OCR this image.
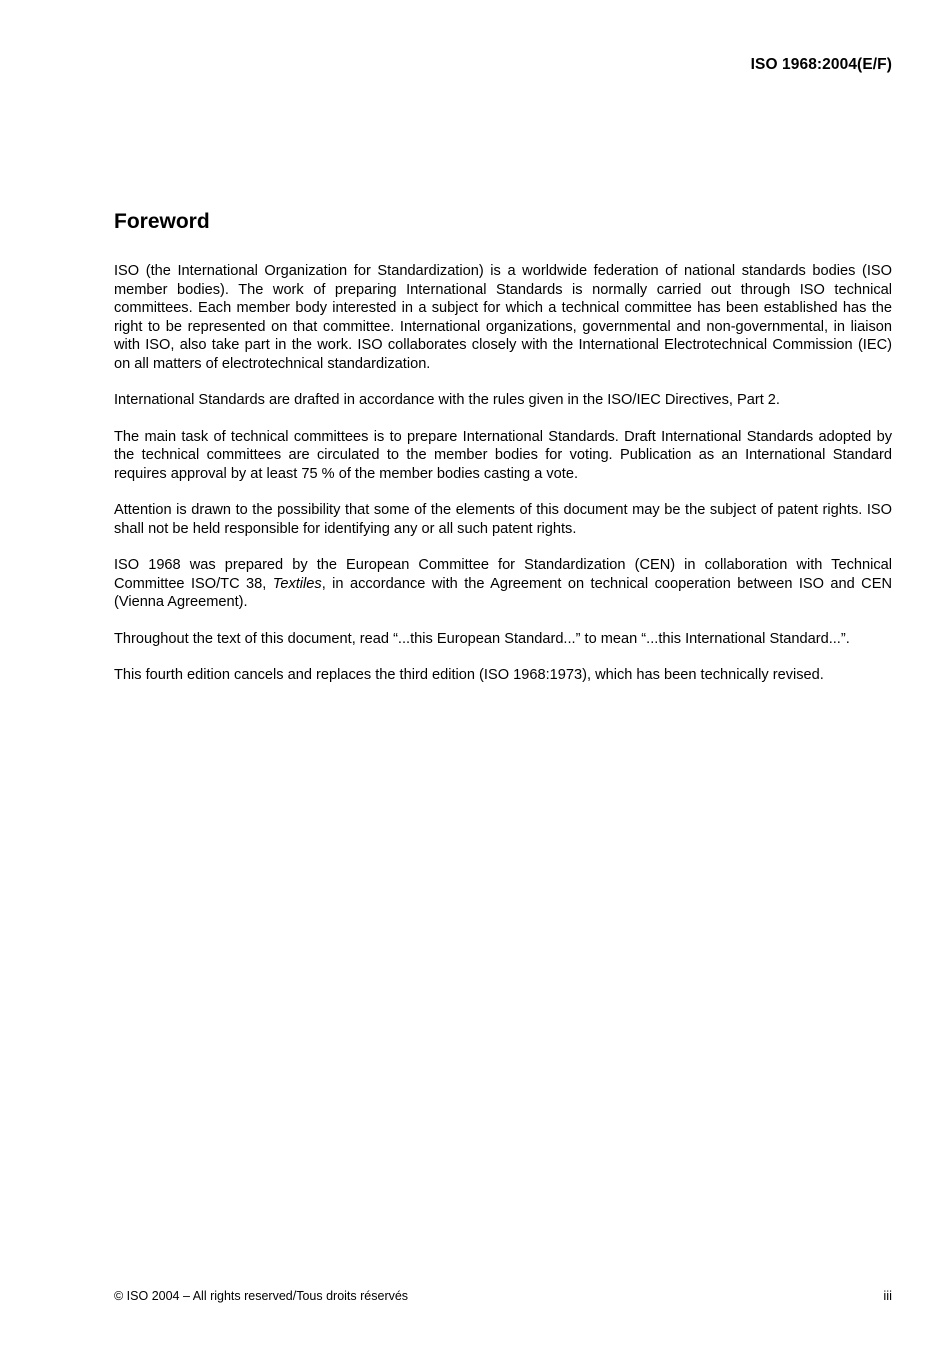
ISO 1968:2004(E/F)
Foreword

ISO (the International Organization for Standardization) is a worldwide federation of national standards bodies (ISO member bodies). The work of preparing International Standards is normally carried out through ISO technical committees. Each member body interested in a subject for which a technical committee has been established has the right to be represented on that committee. International organizations, governmental and non-governmental, in liaison with ISO, also take part in the work. ISO collaborates closely with the International Electrotechnical Commission (IEC) on all matters of electrotechnical standardization.

International Standards are drafted in accordance with the rules given in the ISO/IEC Directives, Part 2.

The main task of technical committees is to prepare International Standards. Draft International Standards adopted by the technical committees are circulated to the member bodies for voting. Publication as an International Standard requires approval by at least 75 % of the member bodies casting a vote.

Attention is drawn to the possibility that some of the elements of this document may be the subject of patent rights. ISO shall not be held responsible for identifying any or all such patent rights.

ISO 1968 was prepared by the European Committee for Standardization (CEN) in collaboration with Technical Committee ISO/TC 38, Textiles, in accordance with the Agreement on technical cooperation between ISO and CEN (Vienna Agreement).

Throughout the text of this document, read “...this European Standard...” to mean “...this International Standard...”.

This fourth edition cancels and replaces the third edition (ISO 1968:1973), which has been technically revised.

© ISO 2004 – All rights reserved/Tous droits réservés	iii
